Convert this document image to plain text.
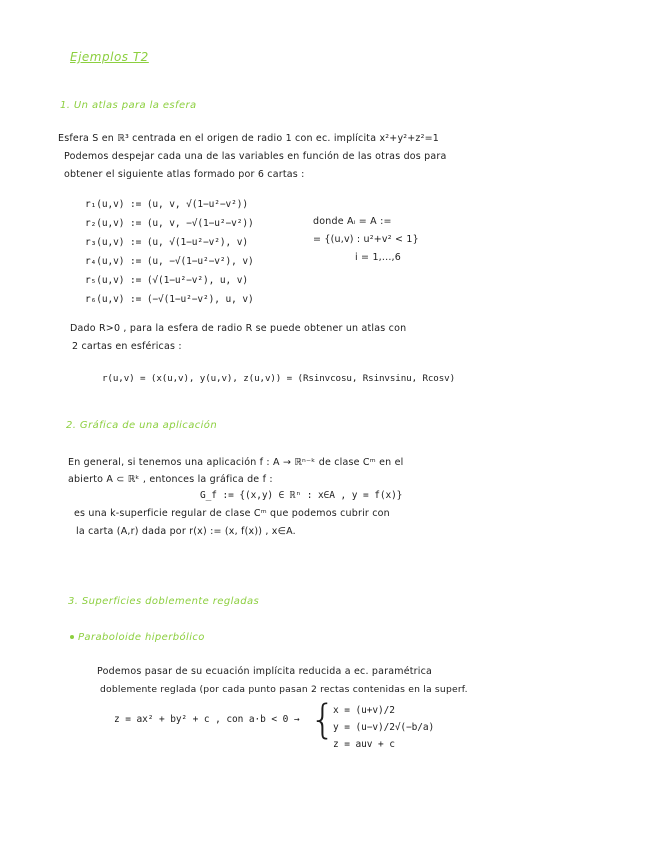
Ejemplos T2
1. Un atlas para la esfera
Esfera S en ℝ³ centrada en el origen de radio 1 con ec. implícita x²+y²+z²=1
Podemos despejar cada una de las variables en función de las otras dos para
obtener el siguiente atlas formado por 6 cartas :
r₁(u,v) := (u, v, √(1−u²−v²))
r₂(u,v) := (u, v, −√(1−u²−v²))
r₃(u,v) := (u, √(1−u²−v²), v)
r₄(u,v) := (u, −√(1−u²−v²), v)
r₅(u,v) := (√(1−u²−v²), u, v)
r₆(u,v) := (−√(1−u²−v²), u, v)
donde Aᵢ = A :=
= {(u,v) : u²+v² < 1}
i = 1,...,6
Dado R>0 , para la esfera de radio R se puede obtener un atlas con
2 cartas en esféricas :
r(u,v) = (x(u,v), y(u,v), z(u,v)) = (Rsinvcosu, Rsinvsinu, Rcosv)
2. Gráfica de una aplicación
En general, si tenemos una aplicación f : A → ℝⁿ⁻ᵏ de clase Cᵐ en el
abierto A ⊂ ℝᵏ , entonces la gráfica de f :
G_f := {(x,y) ∈ ℝⁿ : x∈A , y = f(x)}
es una k-superficie regular de clase Cᵐ que podemos cubrir con
la carta (A,r) dada por r(x) := (x, f(x)) , x∈A.
3. Superficies doblemente regladas
Paraboloide hiperbólico
Podemos pasar de su ecuación implícita reducida a ec. paramétrica
doblemente reglada (por cada punto pasan 2 rectas contenidas en la superf.
z = ax² + by² + c , con a·b < 0 → {
x = (u+v)/2
y = (u−v)/2√(−b/a)
z = auv + c
